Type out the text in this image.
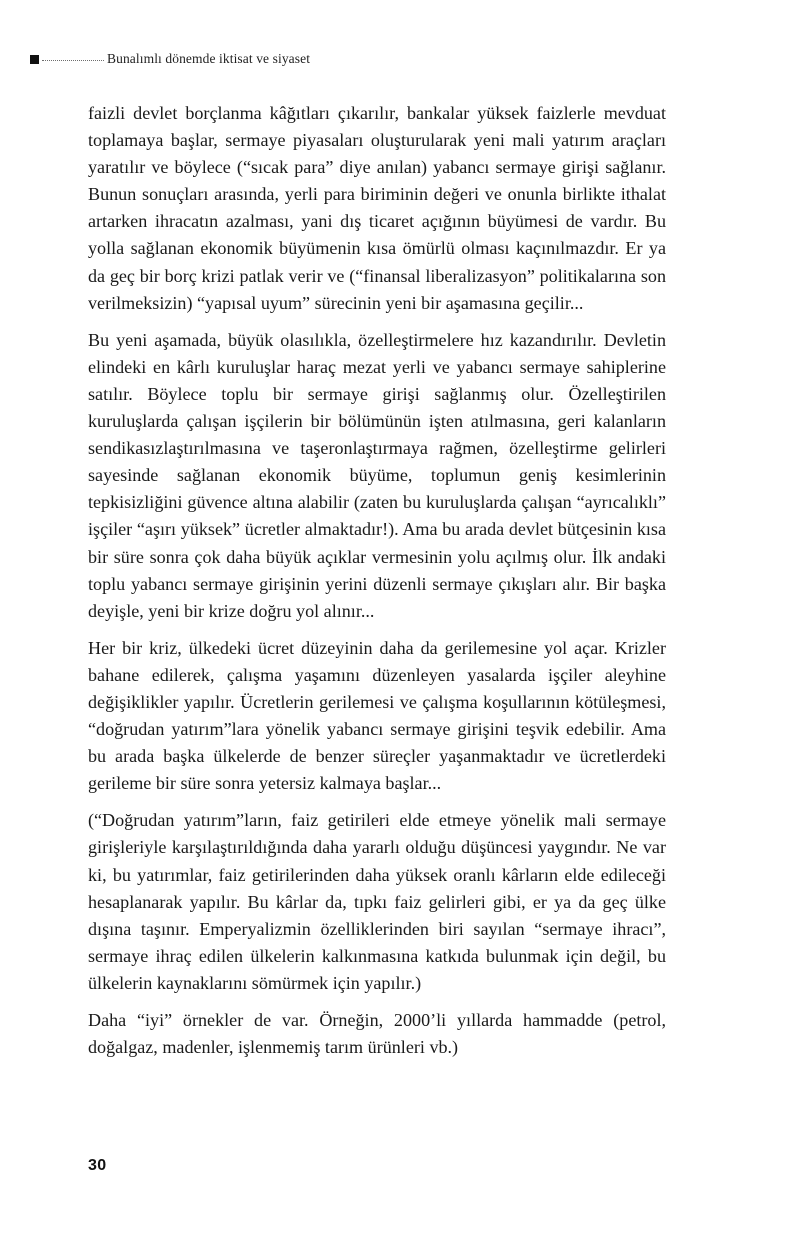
Bunalımlı dönemde iktisat ve siyaset

faizli devlet borçlanma kâğıtları çıkarılır, bankalar yüksek faizlerle mevduat toplamaya başlar, sermaye piyasaları oluşturularak yeni mali yatırım araçları yaratılır ve böylece (“sıcak para” diye anılan) yabancı sermaye girişi sağlanır. Bunun sonuçları arasında, yerli para biriminin değeri ve onunla birlikte ithalat artarken ihracatın azalması, yani dış ticaret açığının büyümesi de vardır. Bu yolla sağlanan ekonomik büyümenin kısa ömürlü olması kaçınılmazdır. Er ya da geç bir borç krizi patlak verir ve (“finansal liberalizasyon” politikalarına son verilmeksizin) “yapısal uyum” sürecinin yeni bir aşamasına geçilir...

Bu yeni aşamada, büyük olasılıkla, özelleştirmelere hız kazandırılır. Devletin elindeki en kârlı kuruluşlar haraç mezat yerli ve yabancı sermaye sahiplerine satılır. Böylece toplu bir sermaye girişi sağlanmış olur. Özelleştirilen kuruluşlarda çalışan işçilerin bir bölümünün işten atılmasına, geri kalanların sendikasızlaştırılmasına ve taşeronlaştırmaya rağmen, özelleştirme gelirleri sayesinde sağlanan ekonomik büyüme, toplumun geniş kesimlerinin tepkisizliğini güvence altına alabilir (zaten bu kuruluşlarda çalışan “ayrıcalıklı” işçiler “aşırı yüksek” ücretler almaktadır!). Ama bu arada devlet bütçesinin kısa bir süre sonra çok daha büyük açıklar vermesinin yolu açılmış olur. İlk andaki toplu yabancı sermaye girişinin yerini düzenli sermaye çıkışları alır. Bir başka deyişle, yeni bir krize doğru yol alınır...

Her bir kriz, ülkedeki ücret düzeyinin daha da gerilemesine yol açar. Krizler bahane edilerek, çalışma yaşamını düzenleyen yasalarda işçiler aleyhine değişiklikler yapılır. Ücretlerin gerilemesi ve çalışma koşullarının kötüleşmesi, “doğrudan yatırım”lara yönelik yabancı sermaye girişini teşvik edebilir. Ama bu arada başka ülkelerde de benzer süreçler yaşanmaktadır ve ücretlerdeki gerileme bir süre sonra yetersiz kalmaya başlar...

(“Doğrudan yatırım”ların, faiz getirileri elde etmeye yönelik mali sermaye girişleriyle karşılaştırıldığında daha yararlı olduğu düşüncesi yaygındır. Ne var ki, bu yatırımlar, faiz getirilerinden daha yüksek oranlı kârların elde edileceği hesaplanarak yapılır. Bu kârlar da, tıpkı faiz gelirleri gibi, er ya da geç ülke dışına taşınır. Emperyalizmin özelliklerinden biri sayılan “sermaye ihracı”, sermaye ihraç edilen ülkelerin kalkınmasına katkıda bulunmak için değil, bu ülkelerin kaynaklarını sömürmek için yapılır.)

Daha “iyi” örnekler de var. Örneğin, 2000’li yıllarda hammadde (petrol, doğalgaz, madenler, işlenmemiş tarım ürünleri vb.)

30
